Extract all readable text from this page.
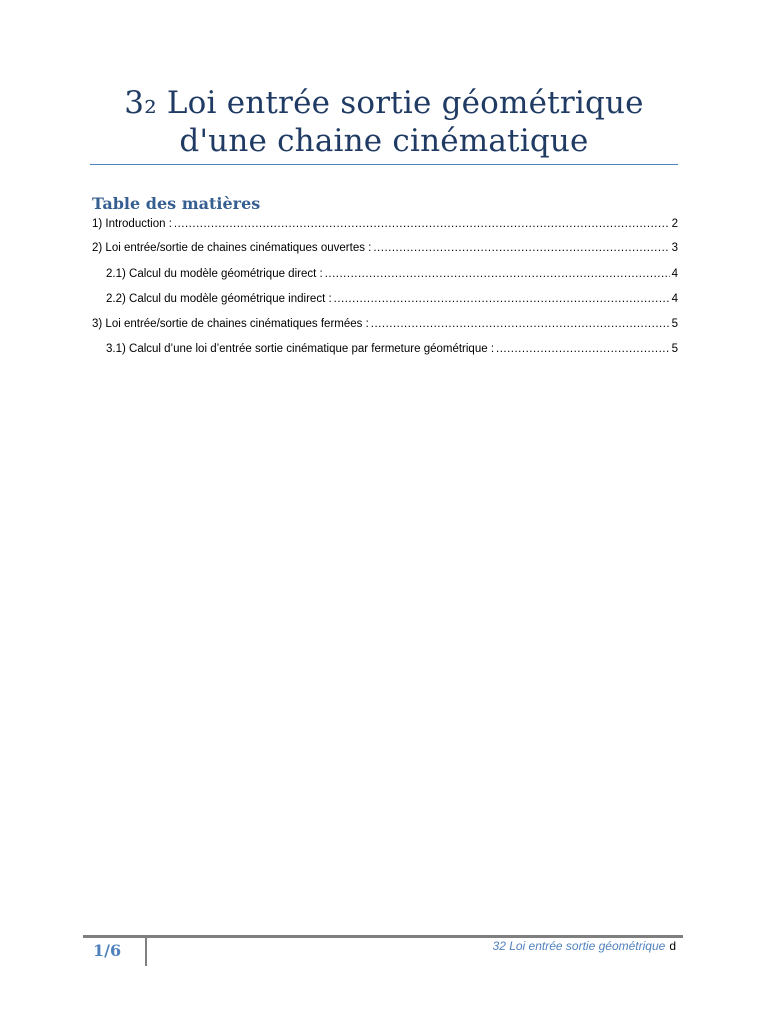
3₂ Loi entrée sortie géométrique d'une chaine cinématique
Table des matières
1) Introduction : .....	2
2) Loi entrée/sortie de chaines cinématiques ouvertes : .....	3
2.1) Calcul du modèle géométrique direct : .....	4
2.2) Calcul du modèle géométrique indirect : .....	4
3) Loi entrée/sortie de chaines cinématiques fermées : .....	5
3.1) Calcul d’une loi d’entrée sortie cinématique par fermeture géométrique : .....	5
1/6	32 Loi entrée sortie géométrique d
